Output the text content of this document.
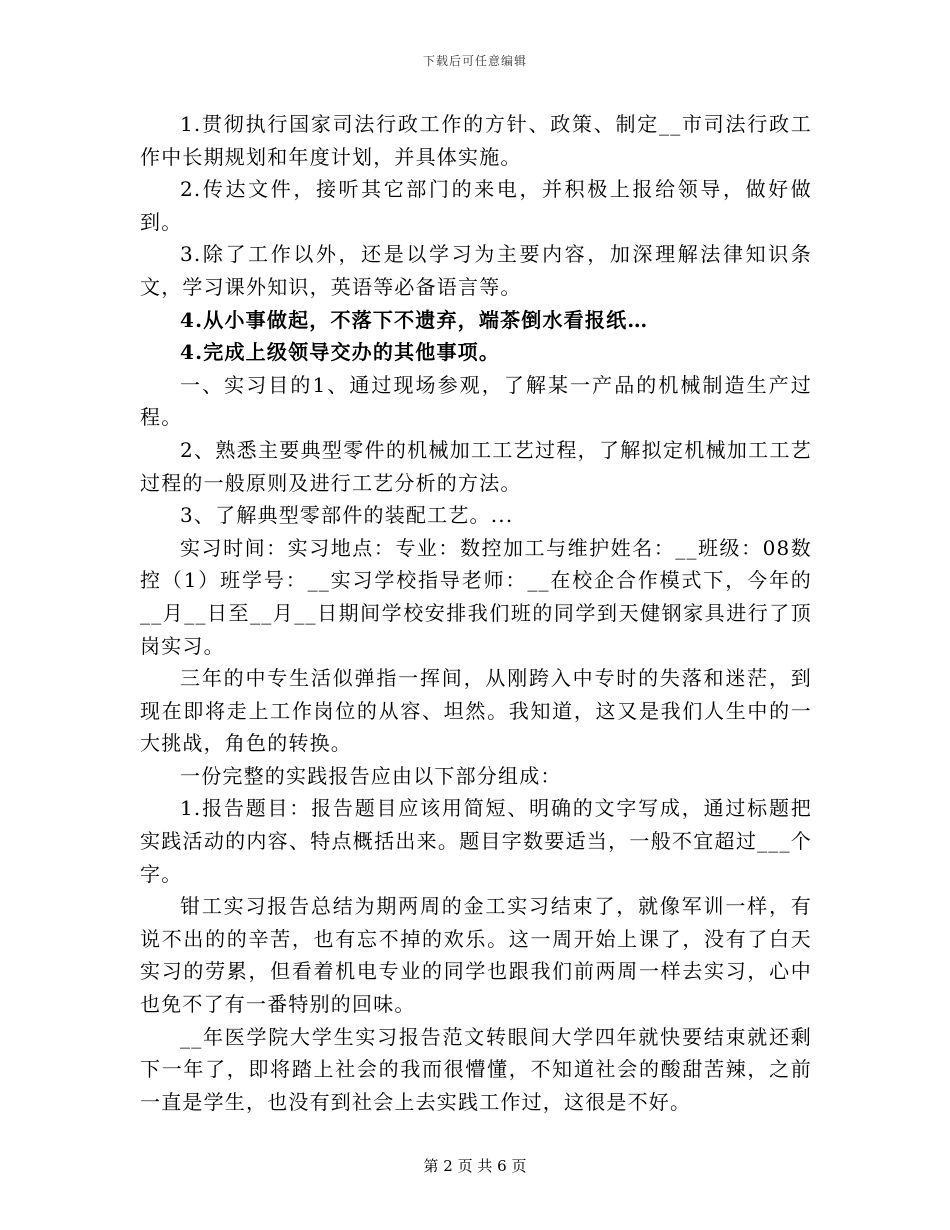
下载后可任意编辑

1.贯彻执行国家司法行政工作的方针、政策、制定__市司法行政工作中长期规划和年度计划，并具体实施。

2.传达文件，接听其它部门的来电，并积极上报给领导，做好做到。

3.除了工作以外，还是以学习为主要内容，加深理解法律知识条文，学习课外知识，英语等必备语言等。

4.从小事做起，不落下不遗弃，端茶倒水看报纸…

4.完成上级领导交办的其他事项。

一、实习目的1、通过现场参观，了解某一产品的机械制造生产过程。

2、熟悉主要典型零件的机械加工工艺过程，了解拟定机械加工工艺过程的一般原则及进行工艺分析的方法。

3、了解典型零部件的装配工艺。...

实习时间：实习地点：专业：数控加工与维护姓名：__班级：08数控（1）班学号：__实习学校指导老师：__在校企合作模式下，今年的__月__日至__月__日期间学校安排我们班的同学到天健钢家具进行了顶岗实习。

三年的中专生活似弹指一挥间，从刚跨入中专时的失落和迷茫，到现在即将走上工作岗位的从容、坦然。我知道，这又是我们人生中的一大挑战，角色的转换。

一份完整的实践报告应由以下部分组成：

1.报告题目：报告题目应该用简短、明确的文字写成，通过标题把实践活动的内容、特点概括出来。题目字数要适当，一般不宜超过___个字。

钳工实习报告总结为期两周的金工实习结束了，就像军训一样，有说不出的的辛苦，也有忘不掉的欢乐。这一周开始上课了，没有了白天实习的劳累，但看着机电专业的同学也跟我们前两周一样去实习，心中也免不了有一番特别的回味。

__年医学院大学生实习报告范文转眼间大学四年就快要结束就还剩下一年了，即将踏上社会的我而很懵懂，不知道社会的酸甜苦辣，之前一直是学生，也没有到社会上去实践工作过，这很是不好。

第 2 页 共 6 页
